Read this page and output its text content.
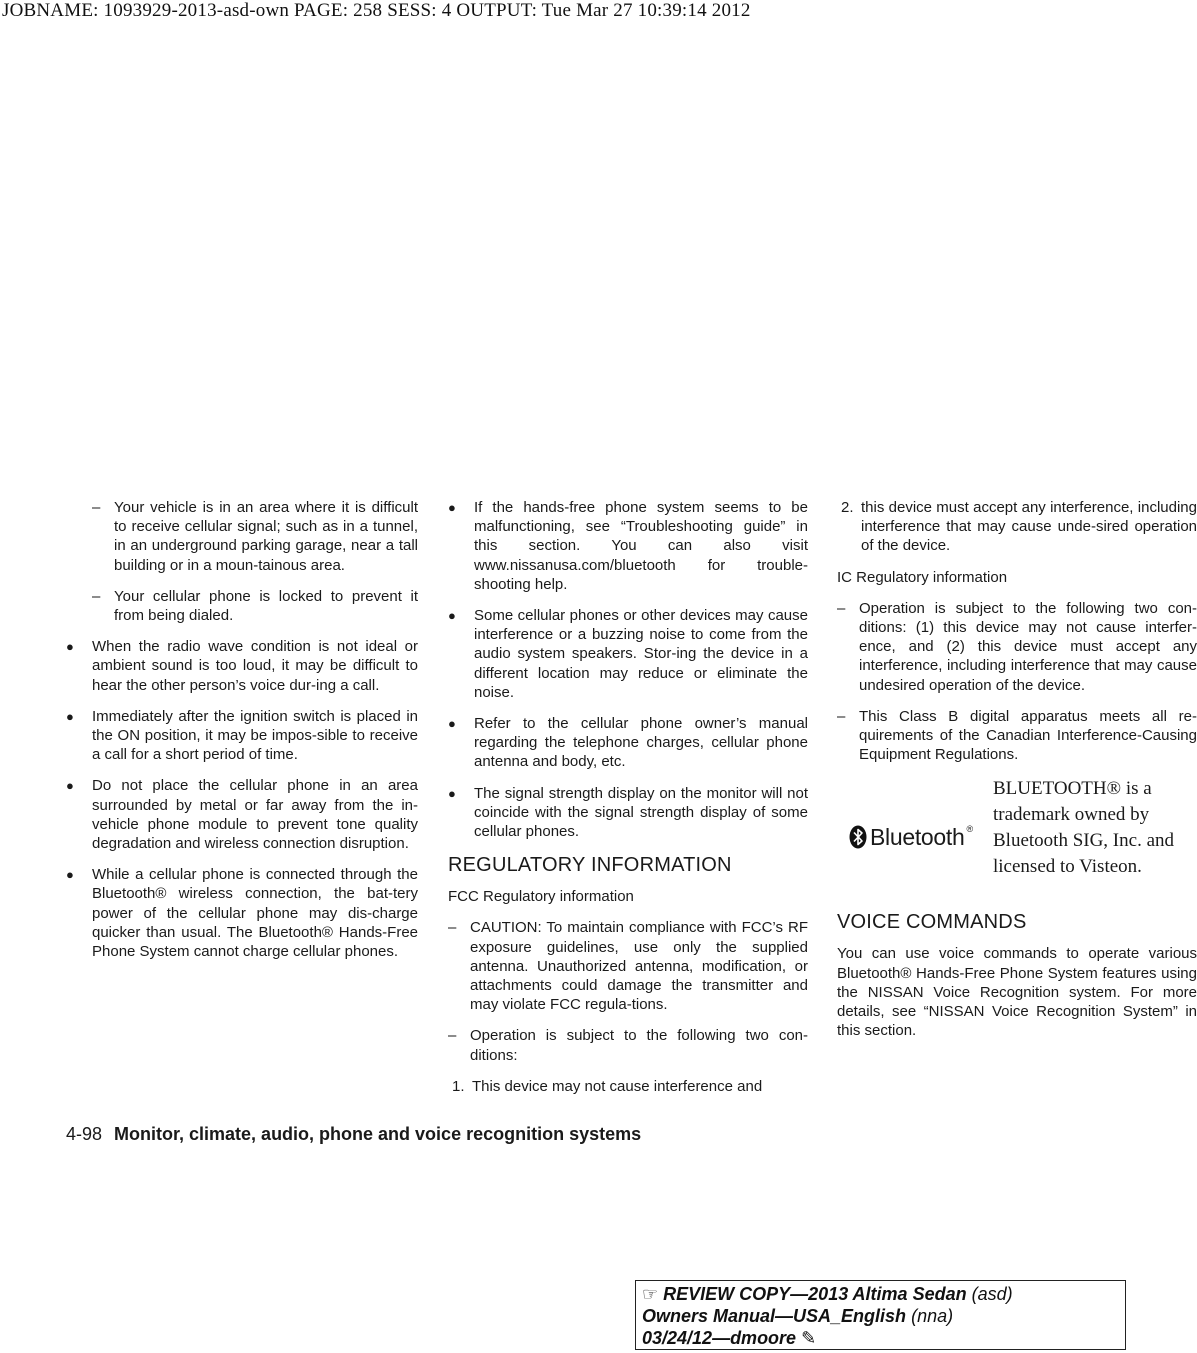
JOBNAME: 1093929-2013-asd-own PAGE: 258 SESS: 4 OUTPUT: Tue Mar 27 10:39:14 2012
– Your vehicle is in an area where it is difficult to receive cellular signal; such as in a tunnel, in an underground parking garage, near a tall building or in a moun-tainous area.
– Your cellular phone is locked to prevent it from being dialed.
● When the radio wave condition is not ideal or ambient sound is too loud, it may be difficult to hear the other person’s voice dur-ing a call.
● Immediately after the ignition switch is placed in the ON position, it may be impos-sible to receive a call for a short period of time.
● Do not place the cellular phone in an area surrounded by metal or far away from the in-vehicle phone module to prevent tone quality degradation and wireless connection disruption.
● While a cellular phone is connected through the Bluetooth® wireless connection, the bat-tery power of the cellular phone may dis-charge quicker than usual. The Bluetooth® Hands-Free Phone System cannot charge cellular phones.
● If the hands-free phone system seems to be malfunctioning, see “Troubleshooting guide” in this section. You can also visit www.nissanusa.com/bluetooth for trouble-shooting help.
● Some cellular phones or other devices may cause interference or a buzzing noise to come from the audio system speakers. Stor-ing the device in a different location may reduce or eliminate the noise.
● Refer to the cellular phone owner’s manual regarding the telephone charges, cellular phone antenna and body, etc.
● The signal strength display on the monitor will not coincide with the signal strength display of some cellular phones.
REGULATORY INFORMATION
FCC Regulatory information
– CAUTION: To maintain compliance with FCC’s RF exposure guidelines, use only the supplied antenna. Unauthorized antenna, modification, or attachments could damage the transmitter and may violate FCC regula-tions.
– Operation is subject to the following two con-ditions:
1. This device may not cause interference and
2. this device must accept any interference, including interference that may cause unde-sired operation of the device.
IC Regulatory information
– Operation is subject to the following two con-ditions: (1) this device may not cause interfer-ence, and (2) this device must accept any interference, including interference that may cause undesired operation of the device.
– This Class B digital apparatus meets all re-quirements of the Canadian Interference-Causing Equipment Regulations.
Bluetooth ®
BLUETOOTH® is a trademark owned by Bluetooth SIG, Inc. and licensed to Visteon.
VOICE COMMANDS
You can use voice commands to operate various Bluetooth® Hands-Free Phone System features using the NISSAN Voice Recognition system. For more details, see “NISSAN Voice Recognition System” in this section.
4-98 Monitor, climate, audio, phone and voice recognition systems
☞ REVIEW COPY—2013 Altima Sedan (asd)
Owners Manual—USA_English (nna)
03/24/12—dmoore ✎
